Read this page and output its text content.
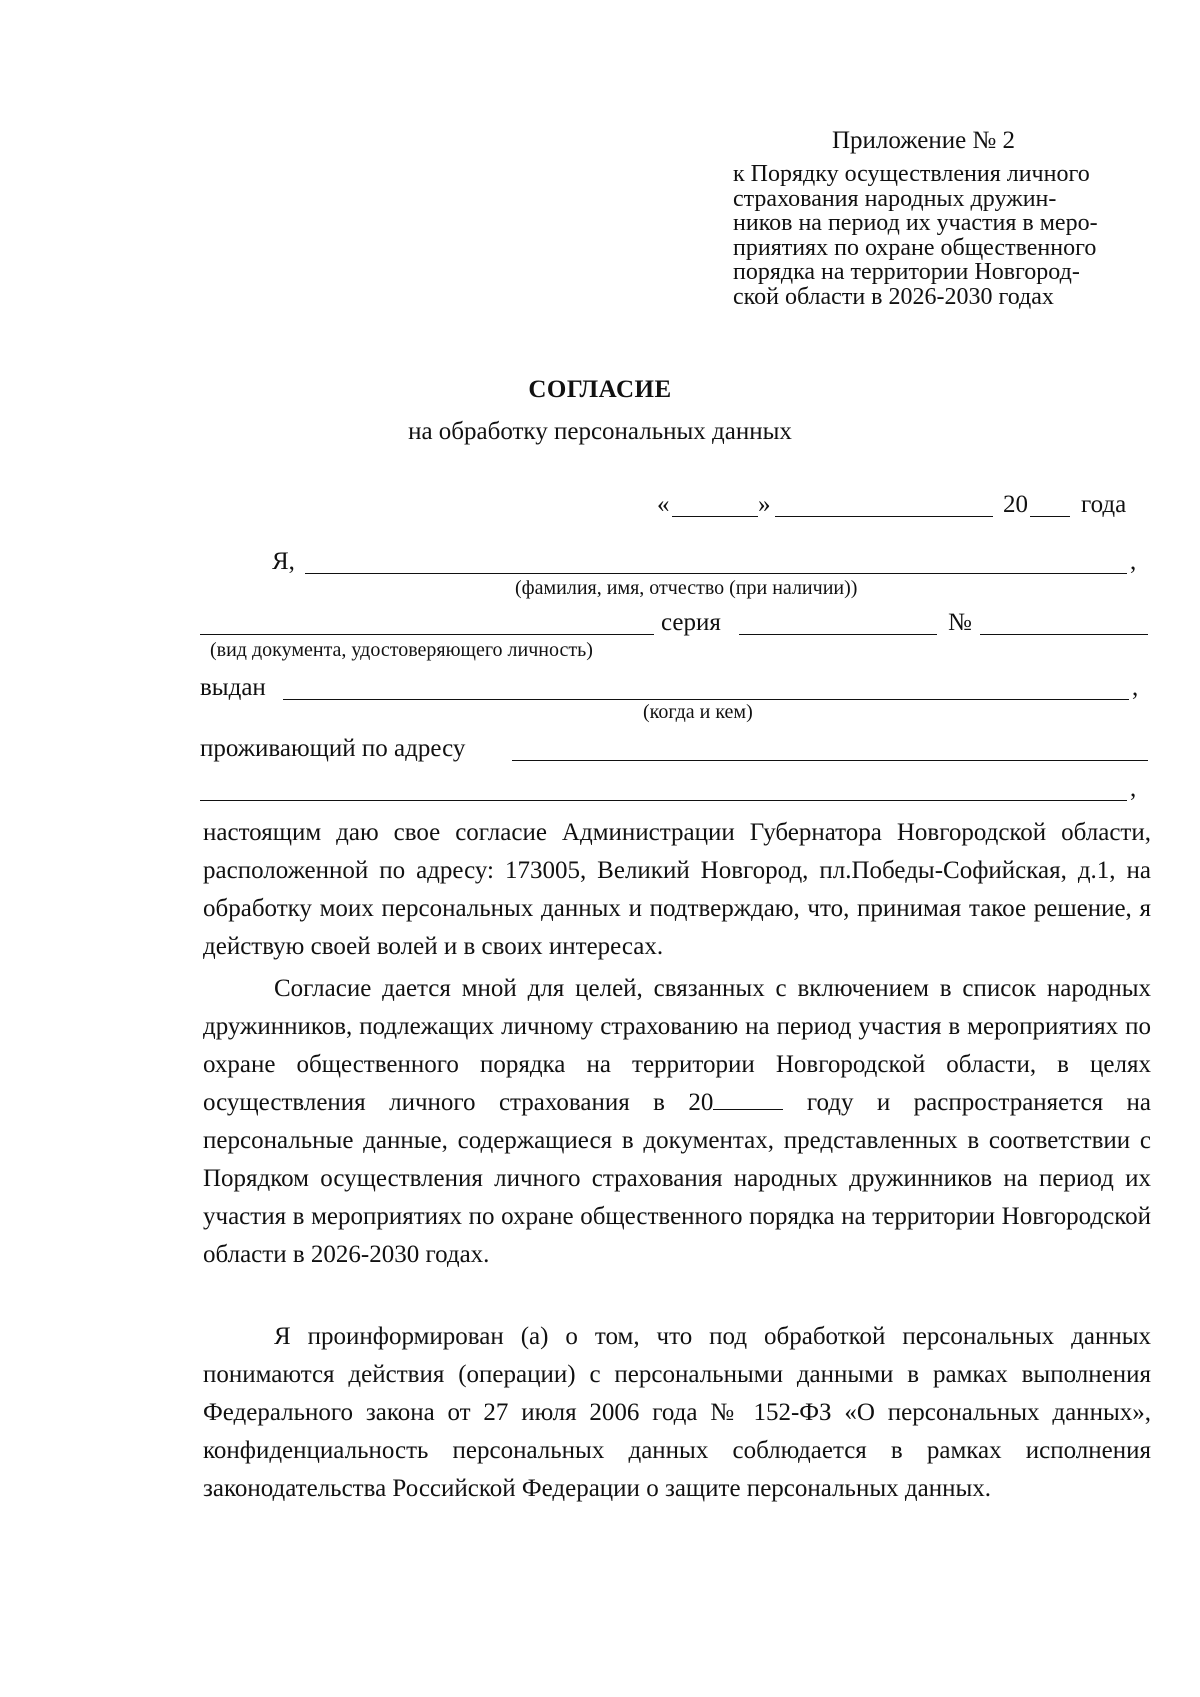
Приложение № 2
к Порядку осуществления личного
страхования народных дружин-
ников на период их участия в меро-
приятиях по охране общественного
порядка на территории Новгород-
ской области в 2026-2030 годах
СОГЛАСИЕ
на обработку персональных данных
«	»	20 года
Я,	,
(фамилия, имя, отчество (при наличии))
серия	№
(вид документа, удостоверяющего личность)
выдан	,
(когда и кем)
проживающий по адресу
,

настоящим даю свое согласие Администрации Губернатора Новгородской области, расположенной по адресу: 173005, Великий Новгород, пл.Победы-Софийская, д.1, на обработку моих персональных данных и подтверждаю, что, принимая такое решение, я действую своей волей и в своих интересах.

Согласие дается мной для целей, связанных с включением в список народных дружинников, подлежащих личному страхованию на период участия в мероприятиях по охране общественного порядка на территории Новгородской области, в целях осуществления личного страхования в 20	году и распространяется на персональные данные, содержащиеся в документах, представленных в соответствии с Порядком осуществления личного страхования народных дружинников на период их участия в мероприятиях по охране общественного порядка на территории Новгородской области в 2026-2030 годах.

Я проинформирован (а) о том, что под обработкой персональных данных понимаются действия (операции) с персональными данными в рамках выполнения Федерального закона от 27 июля 2006 года № 152-ФЗ «О персональных данных», конфиденциальность персональных данных соблюдается в рамках исполнения законодательства Российской Федерации о защите персональных данных.
